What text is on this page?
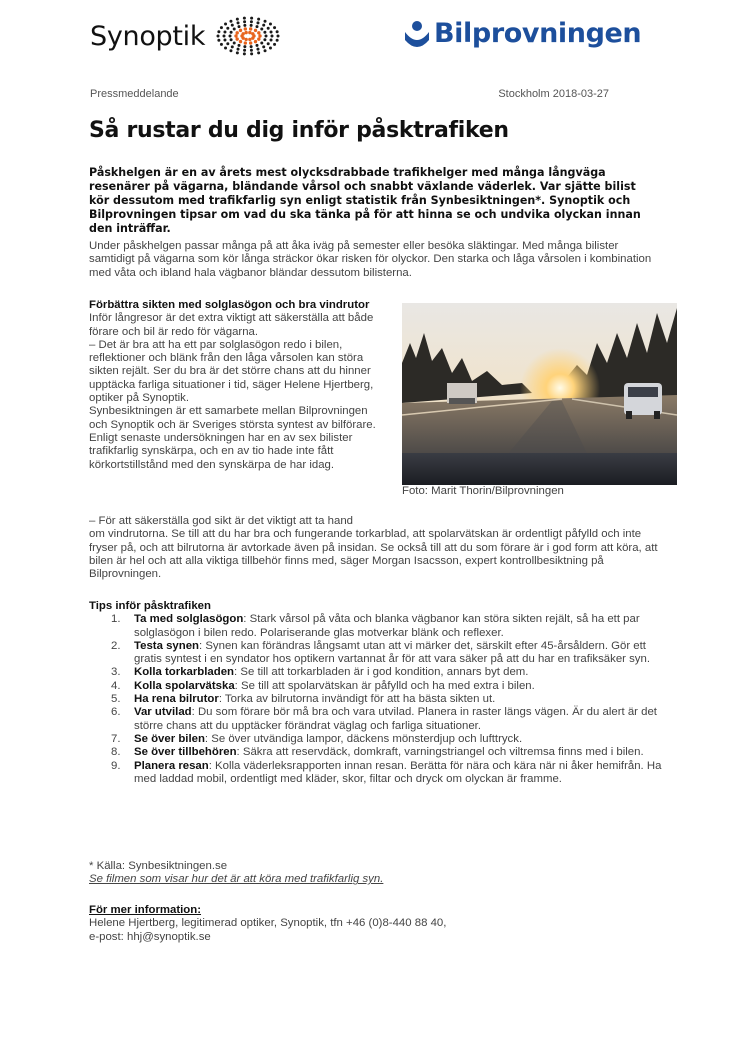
Synoptik	Bilprovningen
Pressmeddelande	Stockholm 2018-03-27
Så rustar du dig inför påsktrafiken

Påskhelgen är en av årets mest olycksdrabbade trafikhelger med många långväga resenärer på vägarna, bländande vårsol och snabbt växlande väderlek. Var sjätte bilist kör dessutom med trafikfarlig syn enligt statistik från Synbesiktningen*. Synoptik och Bilprovningen tipsar om vad du ska tänka på för att hinna se och undvika olyckan innan den inträffar.

Under påskhelgen passar många på att åka iväg på semester eller besöka släktingar. Med många bilister samtidigt på vägarna som kör långa sträckor ökar risken för olyckor. Den starka och låga vårsolen i kombination med våta och ibland hala vägbanor bländar dessutom bilisterna.

Förbättra sikten med solglasögon och bra vindrutor

Inför långresor är det extra viktigt att säkerställa att både förare och bil är redo för vägarna.

– Det är bra att ha ett par solglasögon redo i bilen, reflektioner och blänk från den låga vårsolen kan störa sikten rejält. Ser du bra är det större chans att du hinner upptäcka farliga situationer i tid, säger Helene Hjertberg, optiker på Synoptik.

Synbesiktningen är ett samarbete mellan Bilprovningen och Synoptik och är Sveriges största syntest av bilförare. Enligt senaste undersökningen har en av sex bilister trafikfarlig synskärpa, och en av tio hade inte fått körkortstillstånd med den synskärpa de har idag.

Foto: Marit Thorin/Bilprovningen

– För att säkerställa god sikt är det viktigt att ta hand

om vindrutorna. Se till att du har bra och fungerande torkarblad, att spolarvätskan är ordentligt påfylld och inte fryser på, och att bilrutorna är avtorkade även på insidan. Se också till att du som förare är i god form att köra, att bilen är hel och att alla viktiga tillbehör finns med, säger Morgan Isacsson, expert kontrollbesiktning på Bilprovningen.

Tips inför påsktrafiken

1. Ta med solglasögon: Stark vårsol på våta och blanka vägbanor kan störa sikten rejält, så ha ett par solglasögon i bilen redo. Polariserande glas motverkar blänk och reflexer.
2. Testa synen: Synen kan förändras långsamt utan att vi märker det, särskilt efter 45-årsåldern. Gör ett gratis syntest i en syndator hos optikern vartannat år för att vara säker på att du har en trafiksäker syn.
3. Kolla torkarbladen: Se till att torkarbladen är i god kondition, annars byt dem.
4. Kolla spolarvätska: Se till att spolarvätskan är påfylld och ha med extra i bilen.
5. Ha rena bilrutor: Torka av bilrutorna invändigt för att ha bästa sikten ut.
6. Var utvilad: Du som förare bör må bra och vara utvilad. Planera in raster längs vägen. Är du alert är det större chans att du upptäcker förändrat väglag och farliga situationer.
7. Se över bilen: Se över utvändiga lampor, däckens mönsterdjup och lufttryck.
8. Se över tillbehören: Säkra att reservdäck, domkraft, varningstriangel och viltremsa finns med i bilen.
9. Planera resan: Kolla väderleksrapporten innan resan. Berätta för nära och kära när ni åker hemifrån. Ha med laddad mobil, ordentligt med kläder, skor, filtar och dryck om olyckan är framme.

* Källa: Synbesiktningen.se

Se filmen som visar hur det är att köra med trafikfarlig syn.

För mer information:

Helene Hjertberg, legitimerad optiker, Synoptik, tfn +46 (0)8-440 88 40,

e-post: hhj@synoptik.se
